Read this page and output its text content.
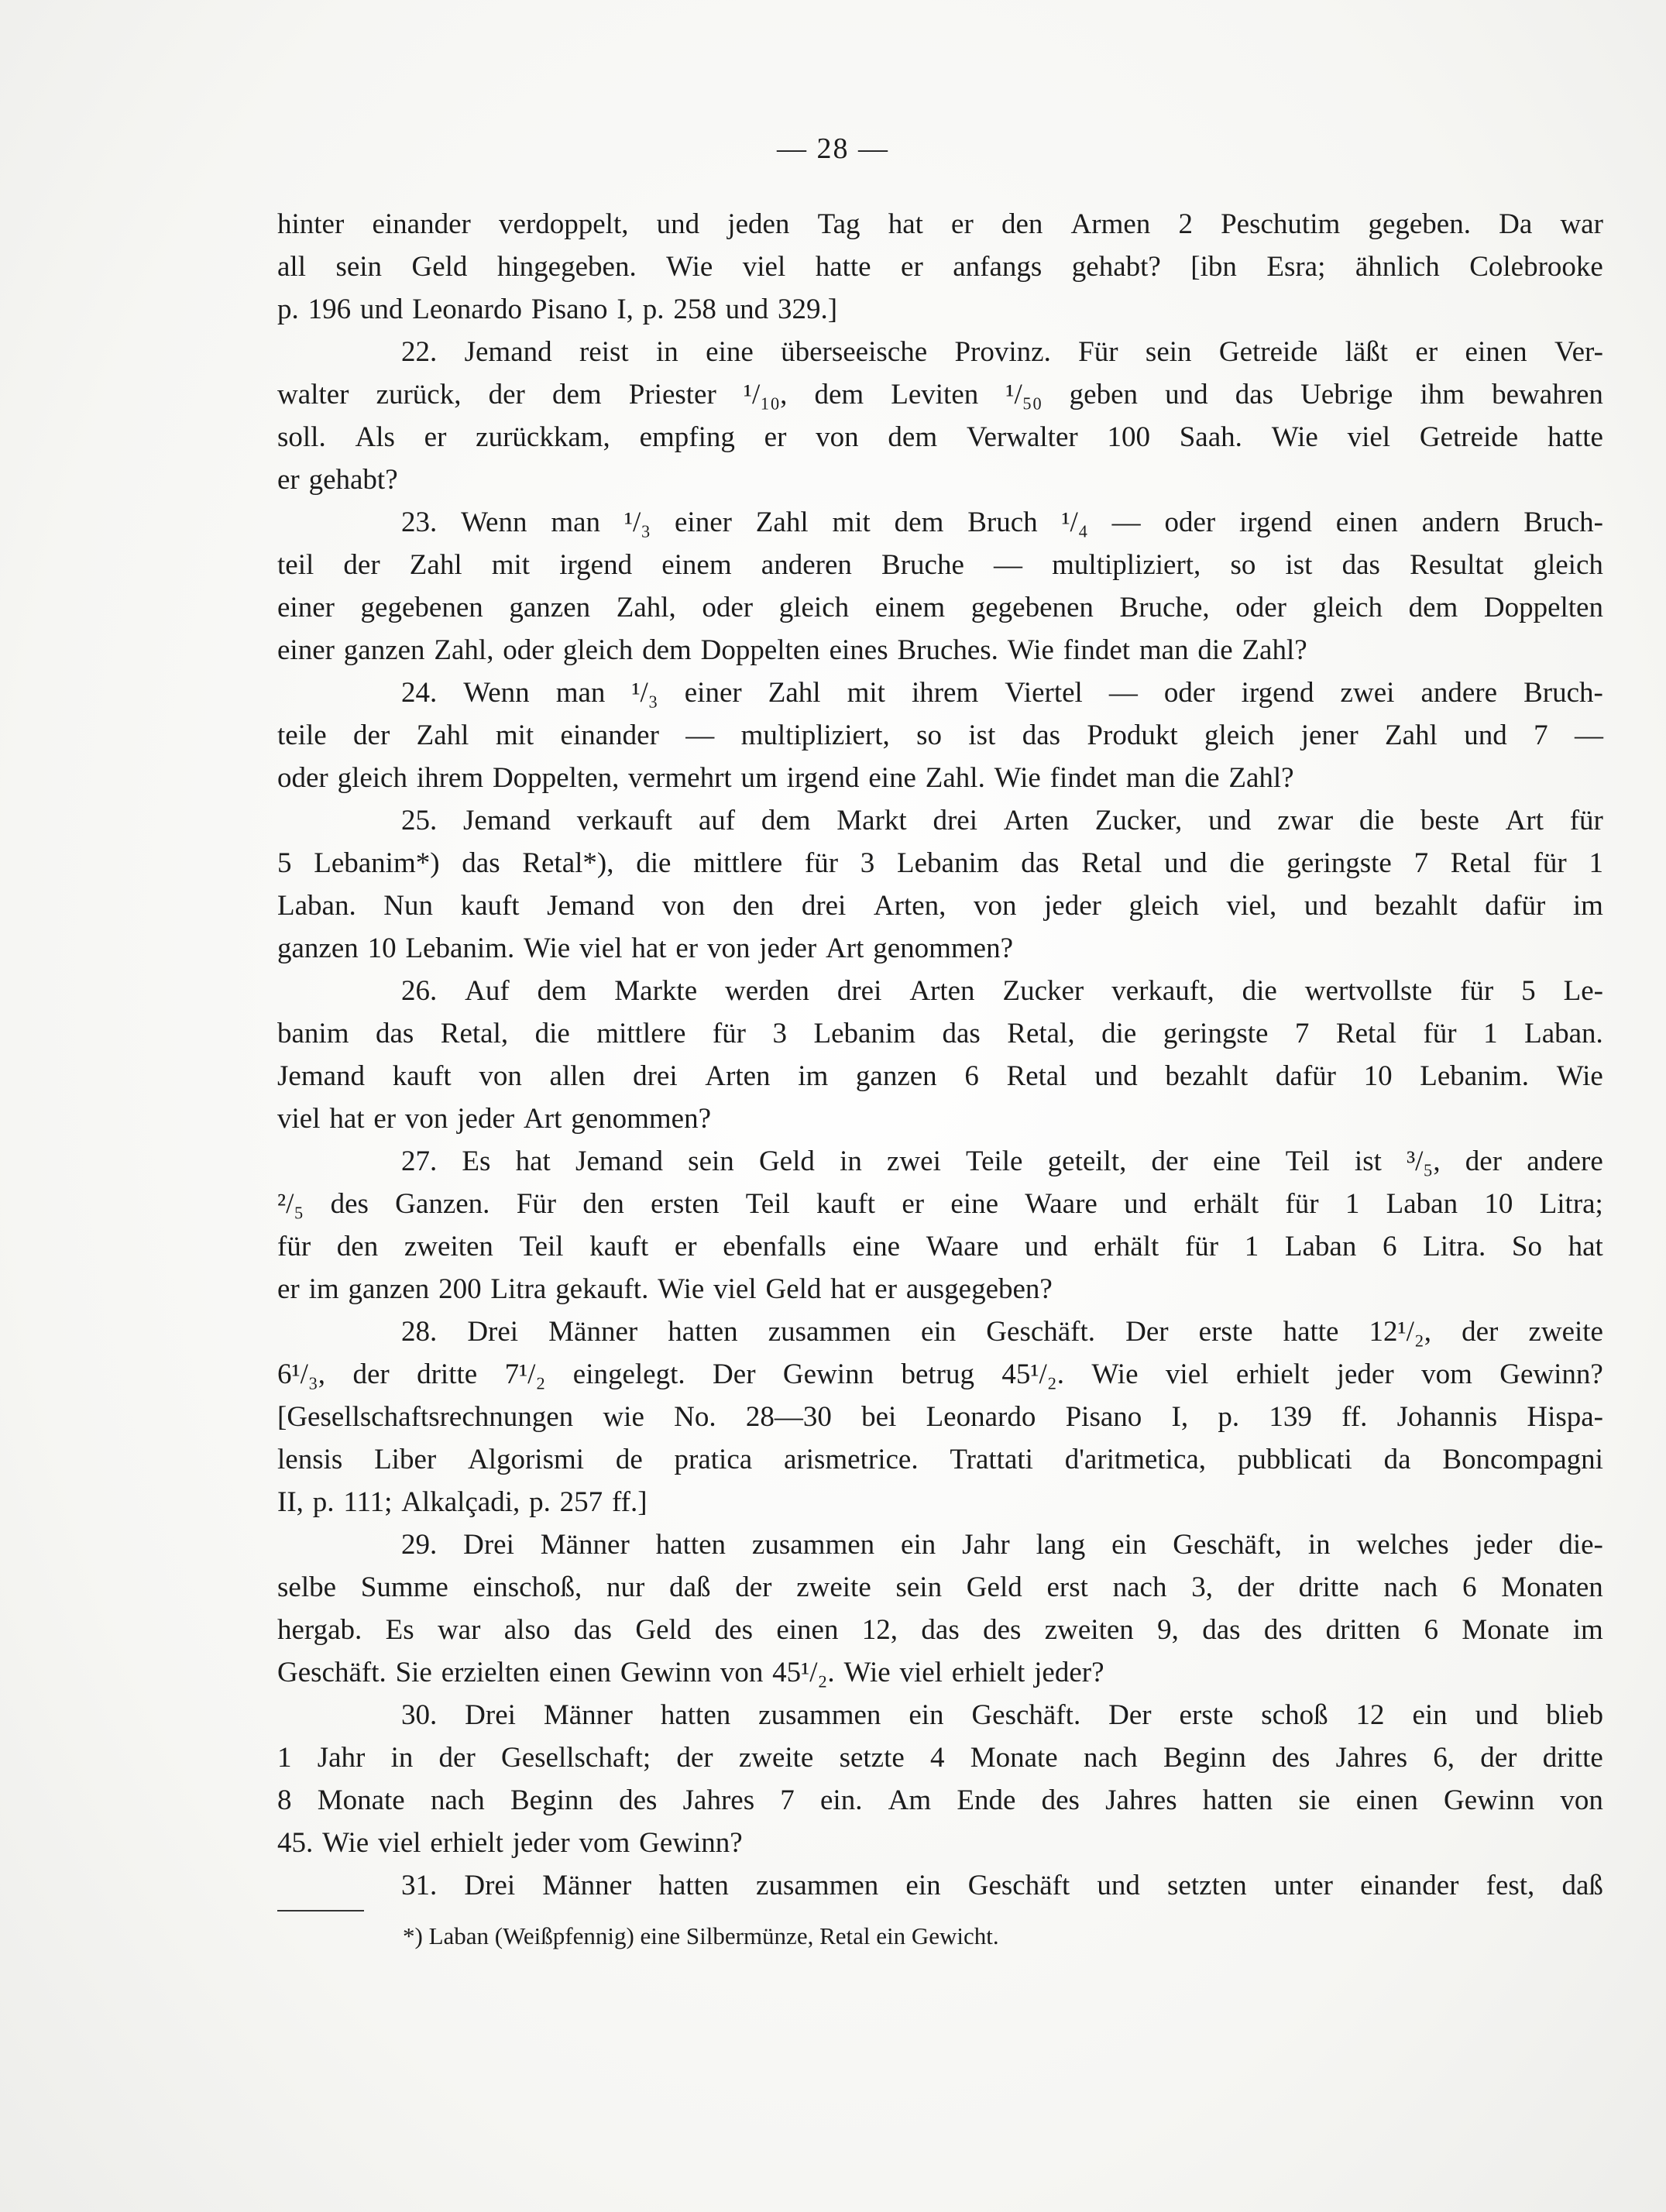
— 28 —
hinter einander verdoppelt, und jeden Tag hat er den Armen 2 Peschutim gegeben. Da war
all sein Geld hingegeben. Wie viel hatte er anfangs gehabt? [ibn Esra; ähnlich Colebrooke
p. 196 und Leonardo Pisano I, p. 258 und 329.]
22. Jemand reist in eine überseeische Provinz. Für sein Getreide läßt er einen Ver-
walter zurück, der dem Priester ¹/₁₀, dem Leviten ¹/₅₀ geben und das Uebrige ihm bewahren
soll. Als er zurückkam, empfing er von dem Verwalter 100 Saah. Wie viel Getreide hatte
er gehabt?
23. Wenn man ¹/₃ einer Zahl mit dem Bruch ¹/₄ — oder irgend einen andern Bruch-
teil der Zahl mit irgend einem anderen Bruche — multipliziert, so ist das Resultat gleich
einer gegebenen ganzen Zahl, oder gleich einem gegebenen Bruche, oder gleich dem Doppelten
einer ganzen Zahl, oder gleich dem Doppelten eines Bruches. Wie findet man die Zahl?
24. Wenn man ¹/₃ einer Zahl mit ihrem Viertel — oder irgend zwei andere Bruch-
teile der Zahl mit einander — multipliziert, so ist das Produkt gleich jener Zahl und 7 —
oder gleich ihrem Doppelten, vermehrt um irgend eine Zahl. Wie findet man die Zahl?
25. Jemand verkauft auf dem Markt drei Arten Zucker, und zwar die beste Art für
5 Lebanim*) das Retal*), die mittlere für 3 Lebanim das Retal und die geringste 7 Retal für 1
Laban. Nun kauft Jemand von den drei Arten, von jeder gleich viel, und bezahlt dafür im
ganzen 10 Lebanim. Wie viel hat er von jeder Art genommen?
26. Auf dem Markte werden drei Arten Zucker verkauft, die wertvollste für 5 Le-
banim das Retal, die mittlere für 3 Lebanim das Retal, die geringste 7 Retal für 1 Laban.
Jemand kauft von allen drei Arten im ganzen 6 Retal und bezahlt dafür 10 Lebanim. Wie
viel hat er von jeder Art genommen?
27. Es hat Jemand sein Geld in zwei Teile geteilt, der eine Teil ist ³/₅, der andere
²/₅ des Ganzen. Für den ersten Teil kauft er eine Waare und erhält für 1 Laban 10 Litra;
für den zweiten Teil kauft er ebenfalls eine Waare und erhält für 1 Laban 6 Litra. So hat
er im ganzen 200 Litra gekauft. Wie viel Geld hat er ausgegeben?
28. Drei Männer hatten zusammen ein Geschäft. Der erste hatte 12¹/₂, der zweite
6¹/₃, der dritte 7¹/₂ eingelegt. Der Gewinn betrug 45¹/₂. Wie viel erhielt jeder vom Gewinn?
[Gesellschaftsrechnungen wie No. 28—30 bei Leonardo Pisano I, p. 139 ff. Johannis Hispa-
lensis Liber Algorismi de pratica arismetrice. Trattati d'aritmetica, pubblicati da Boncompagni
II, p. 111; Alkalçadi, p. 257 ff.]
29. Drei Männer hatten zusammen ein Jahr lang ein Geschäft, in welches jeder die-
selbe Summe einschoß, nur daß der zweite sein Geld erst nach 3, der dritte nach 6 Monaten
hergab. Es war also das Geld des einen 12, das des zweiten 9, das des dritten 6 Monate im
Geschäft. Sie erzielten einen Gewinn von 45¹/₂. Wie viel erhielt jeder?
30. Drei Männer hatten zusammen ein Geschäft. Der erste schoß 12 ein und blieb
1 Jahr in der Gesellschaft; der zweite setzte 4 Monate nach Beginn des Jahres 6, der dritte
8 Monate nach Beginn des Jahres 7 ein. Am Ende des Jahres hatten sie einen Gewinn von
45. Wie viel erhielt jeder vom Gewinn?
31. Drei Männer hatten zusammen ein Geschäft und setzten unter einander fest, daß
*) Laban (Weißpfennig) eine Silbermünze, Retal ein Gewicht.
